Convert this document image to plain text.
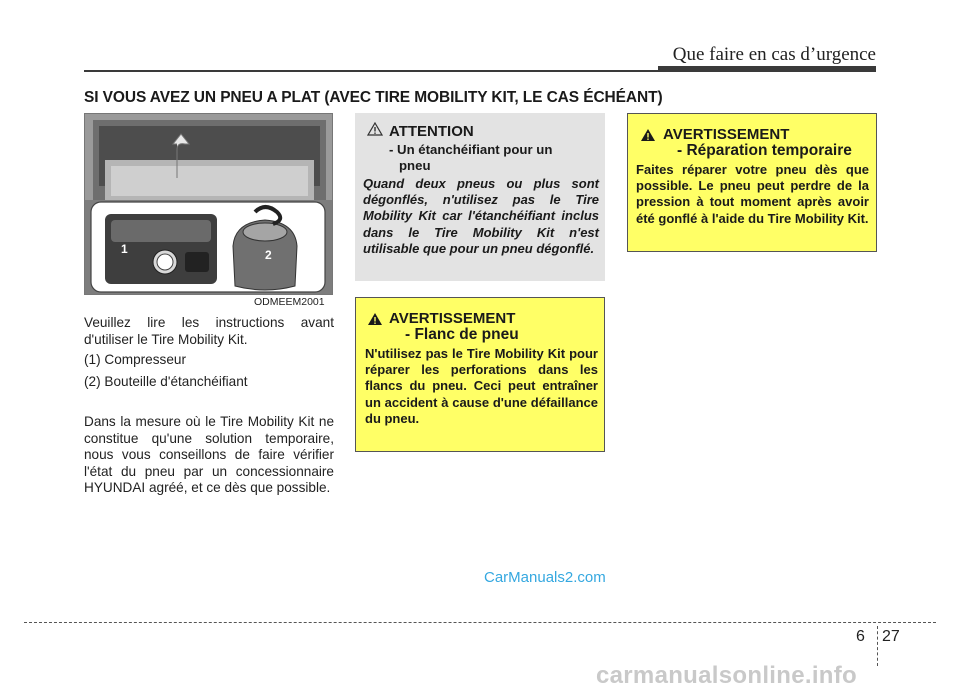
Que faire en cas d’urgence
SI VOUS AVEZ UN PNEU A PLAT (AVEC TIRE MOBILITY KIT, LE CAS ÉCHÉANT)
1	2
ODMEEM2001
Veuillez lire les instructions avant d'utiliser le Tire Mobility Kit.
(1) Compresseur
(2) Bouteille d'étanchéifiant
Dans la mesure où le Tire Mobility Kit ne constitue qu'une solution temporaire, nous vous conseillons de faire vérifier l'état du pneu par un concessionnaire HYUNDAI agréé, et ce dès que possible.
ATTENTION
- Un étanchéifiant pour un
pneu
Quand deux pneus ou plus sont dégonflés, n'utilisez pas le Tire Mobility Kit car l'étanchéifiant inclus dans le Tire Mobility Kit n'est utilisable que pour un pneu dégonflé.
AVERTISSEMENT
- Flanc de pneu
N'utilisez pas le Tire Mobility Kit pour réparer les perforations dans les flancs du pneu. Ceci peut entraîner un accident à cause d'une défaillance du pneu.
AVERTISSEMENT
- Réparation temporaire
Faites réparer votre pneu dès que possible. Le pneu peut perdre de la pression à tout moment après avoir été gonflé à l'aide du Tire Mobility Kit.
CarManuals2.com
6 27
carmanualsonline.info
